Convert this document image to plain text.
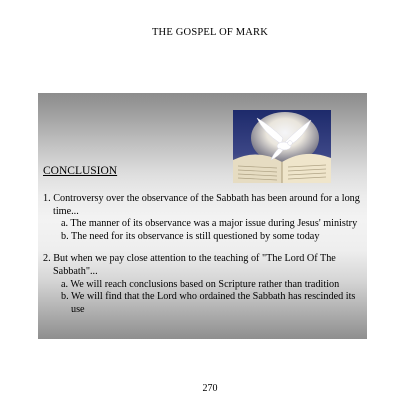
THE GOSPEL OF MARK
CONCLUSION

1. Controversy over the observance of the Sabbath has been around for a long time...

a. The manner of its observance was a major issue during Jesus' ministry

b. The need for its observance is still questioned by some today

2. But when we pay close attention to the teaching of "The Lord Of The Sabbath"...

a. We will reach conclusions based on Scripture rather than tradition

b. We will find that the Lord who ordained the Sabbath has rescinded its use

270
